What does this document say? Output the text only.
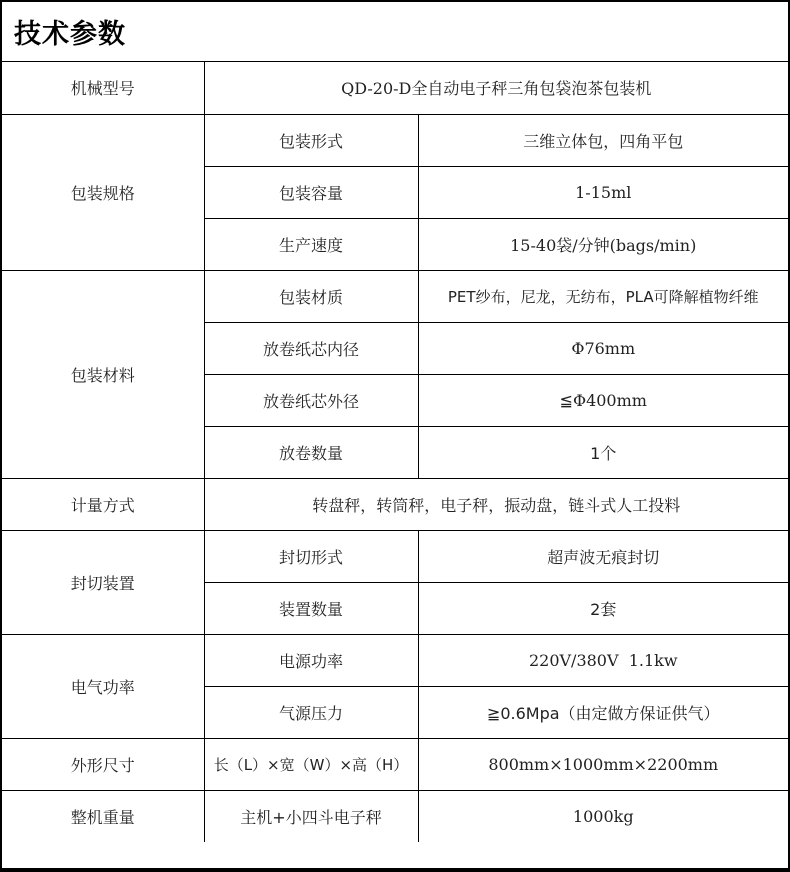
技术参数
机械型号	QD-20-D全自动电子秤三角包袋泡茶包装机	
包装规格	包装形式	三维立体包，四角平包
	包装容量	1-15ml
	生产速度	15-40袋/分钟(bags/min)
包装材料	包装材质	PET纱布，尼龙，无纺布，PLA可降解植物纤维
	放卷纸芯内径	Φ76mm
	放卷纸芯外径	≦Φ400mm
	放卷数量	1个
计量方式	转盘秤，转筒秤，电子秤，振动盘，链斗式人工投料	
封切装置	封切形式	超声波无痕封切
	装置数量	2套
电气功率	电源功率	220V/380V  1.1kw
	气源压力	≧0.6Mpa（由定做方保证供气）
外形尺寸	长（L）×宽（W）×高（H）	800mm×1000mm×2200mm
整机重量	主机+小四斗电子秤	1000kg
